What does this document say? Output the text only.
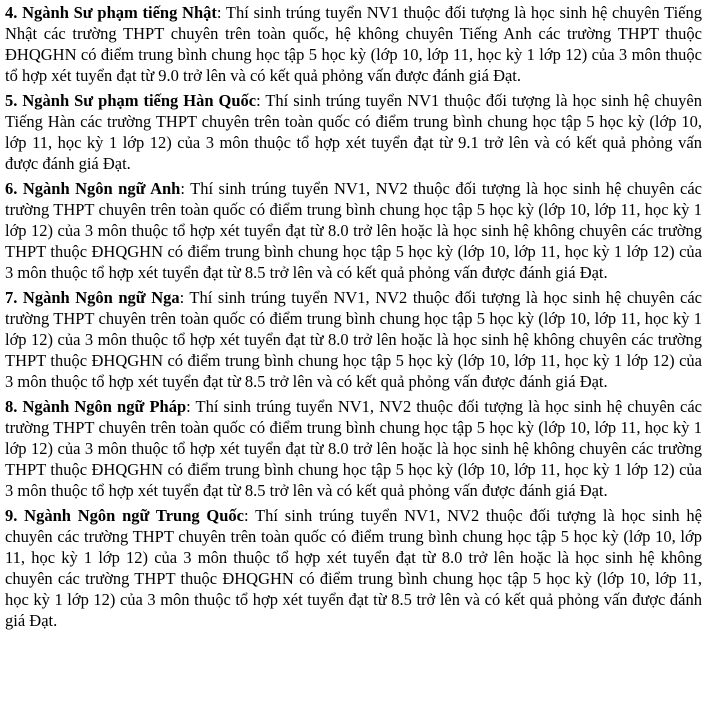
4. Ngành Sư phạm tiếng Nhật: Thí sinh trúng tuyển NV1 thuộc đối tượng là học sinh hệ chuyên Tiếng Nhật các trường THPT chuyên trên toàn quốc, hệ không chuyên Tiếng Anh các trường THPT thuộc ĐHQGHN có điểm trung bình chung học tập 5 học kỳ (lớp 10, lớp 11, học kỳ 1 lớp 12) của 3 môn thuộc tổ hợp xét tuyển đạt từ 9.0 trở lên và có kết quả phỏng vấn được đánh giá Đạt.

5. Ngành Sư phạm tiếng Hàn Quốc: Thí sinh trúng tuyển NV1 thuộc đối tượng là học sinh hệ chuyên Tiếng Hàn các trường THPT chuyên trên toàn quốc có điểm trung bình chung học tập 5 học kỳ (lớp 10, lớp 11, học kỳ 1 lớp 12) của 3 môn thuộc tổ hợp xét tuyển đạt từ 9.1 trở lên và có kết quả phỏng vấn được đánh giá Đạt.

6. Ngành Ngôn ngữ Anh: Thí sinh trúng tuyển NV1, NV2 thuộc đối tượng là học sinh hệ chuyên các trường THPT chuyên trên toàn quốc có điểm trung bình chung học tập 5 học kỳ (lớp 10, lớp 11, học kỳ 1 lớp 12) của 3 môn thuộc tổ hợp xét tuyển đạt từ 8.0 trở lên hoặc là học sinh hệ không chuyên các trường THPT thuộc ĐHQGHN có điểm trung bình chung học tập 5 học kỳ (lớp 10, lớp 11, học kỳ 1 lớp 12) của 3 môn thuộc tổ hợp xét tuyển đạt từ 8.5 trở lên và có kết quả phỏng vấn được đánh giá Đạt.

7. Ngành Ngôn ngữ Nga: Thí sinh trúng tuyển NV1, NV2 thuộc đối tượng là học sinh hệ chuyên các trường THPT chuyên trên toàn quốc có điểm trung bình chung học tập 5 học kỳ (lớp 10, lớp 11, học kỳ 1 lớp 12) của 3 môn thuộc tổ hợp xét tuyển đạt từ 8.0 trở lên hoặc là học sinh hệ không chuyên các trường THPT thuộc ĐHQGHN có điểm trung bình chung học tập 5 học kỳ (lớp 10, lớp 11, học kỳ 1 lớp 12) của 3 môn thuộc tổ hợp xét tuyển đạt từ 8.5 trở lên và có kết quả phỏng vấn được đánh giá Đạt.

8. Ngành Ngôn ngữ Pháp: Thí sinh trúng tuyển NV1, NV2 thuộc đối tượng là học sinh hệ chuyên các trường THPT chuyên trên toàn quốc có điểm trung bình chung học tập 5 học kỳ (lớp 10, lớp 11, học kỳ 1 lớp 12) của 3 môn thuộc tổ hợp xét tuyển đạt từ 8.0 trở lên hoặc là học sinh hệ không chuyên các trường THPT thuộc ĐHQGHN có điểm trung bình chung học tập 5 học kỳ (lớp 10, lớp 11, học kỳ 1 lớp 12) của 3 môn thuộc tổ hợp xét tuyển đạt từ 8.5 trở lên và có kết quả phỏng vấn được đánh giá Đạt.

9. Ngành Ngôn ngữ Trung Quốc: Thí sinh trúng tuyển NV1, NV2 thuộc đối tượng là học sinh hệ chuyên các trường THPT chuyên trên toàn quốc có điểm trung bình chung học tập 5 học kỳ (lớp 10, lớp 11, học kỳ 1 lớp 12) của 3 môn thuộc tổ hợp xét tuyển đạt từ 8.0 trở lên hoặc là học sinh hệ không chuyên các trường THPT thuộc ĐHQGHN có điểm trung bình chung học tập 5 học kỳ (lớp 10, lớp 11, học kỳ 1 lớp 12) của 3 môn thuộc tổ hợp xét tuyển đạt từ 8.5 trở lên và có kết quả phỏng vấn được đánh giá Đạt.
